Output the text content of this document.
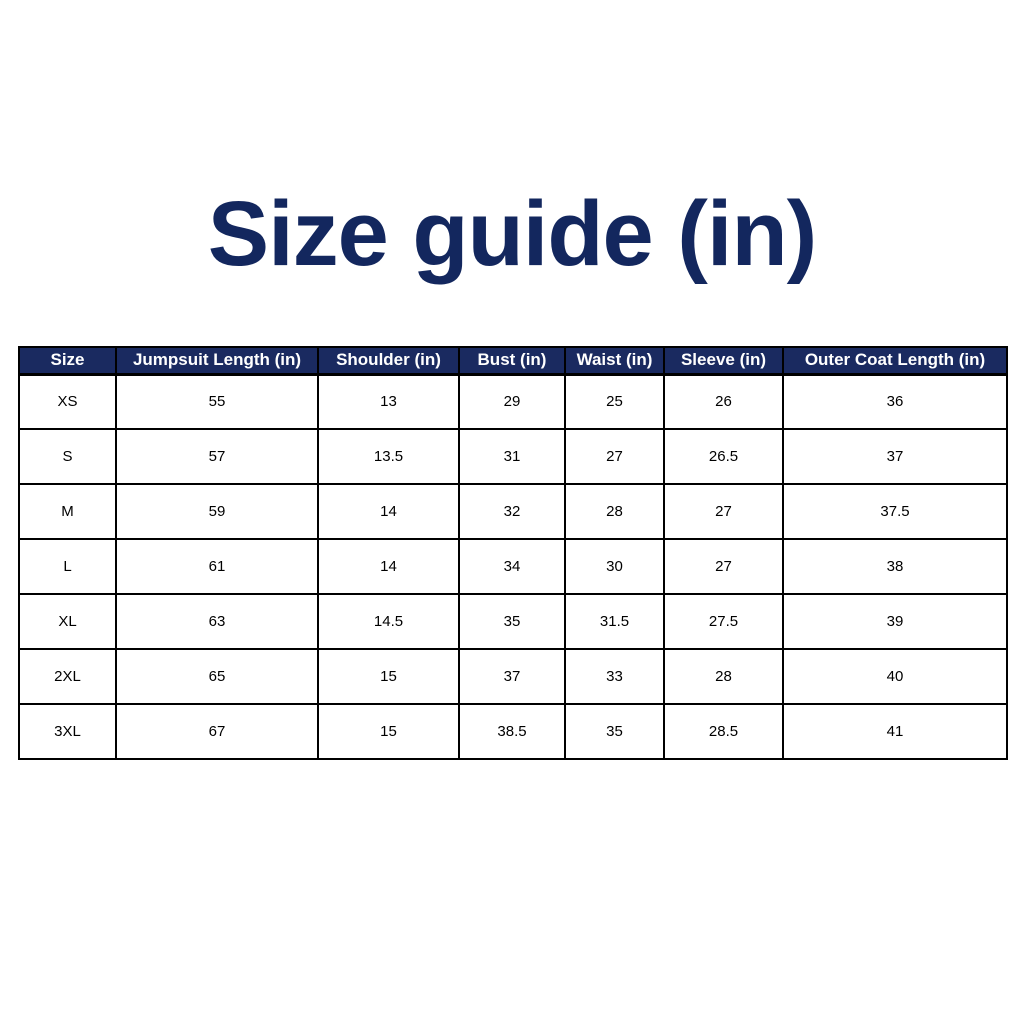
Size guide (in)
Size	Jumpsuit Length (in)	Shoulder (in)	Bust (in)	Waist (in)	Sleeve (in)	Outer Coat Length (in)
XS	55	13	29	25	26	36
S	57	13.5	31	27	26.5	37
M	59	14	32	28	27	37.5
L	61	14	34	30	27	38
XL	63	14.5	35	31.5	27.5	39
2XL	65	15	37	33	28	40
3XL	67	15	38.5	35	28.5	41
